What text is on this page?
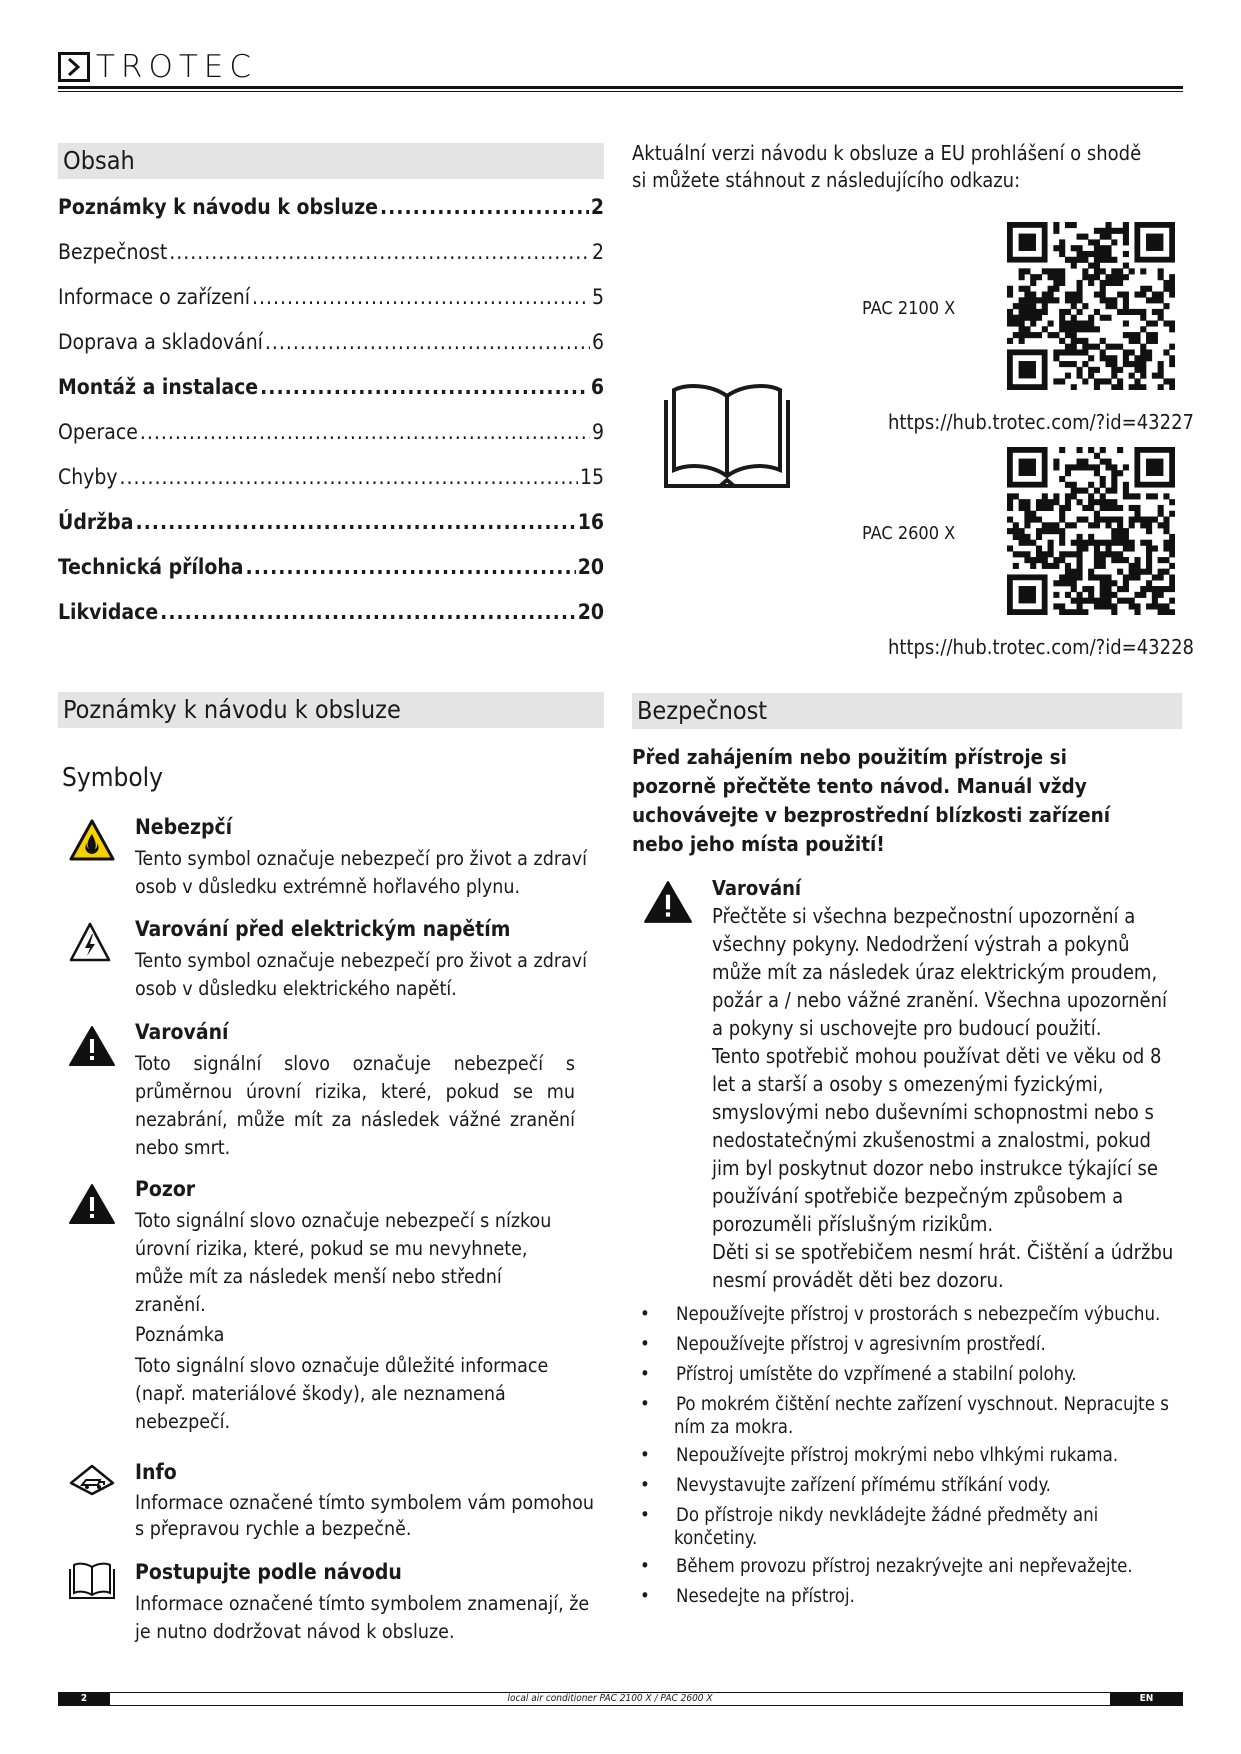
TROTEC
Obsah
Poznámky k návodu k obsluze .....	2
Bezpečnost .....	2
Informace o zařízení .....	5
Doprava a skladování .....	6
Montáž a instalace .....	6
Operace .....	9
Chyby .....	15
Údržba .....	16
Technická příloha .....	20
Likvidace .....	20
Aktuální verzi návodu k obsluze a EU prohlášení o shodě si můžete stáhnout z následujícího odkazu:
PAC 2100 X
https://hub.trotec.com/?id=43227
PAC 2600 X
https://hub.trotec.com/?id=43228
Poznámky k návodu k obsluze
Symboly
Nebezpčí
Tento symbol označuje nebezpečí pro život a zdraví osob v důsledku extrémně hořlavého plynu.
Varování před elektrickým napětím
Tento symbol označuje nebezpečí pro život a zdraví osob v důsledku elektrického napětí.
Varování
Toto signální slovo označuje nebezpečí s průměrnou úrovní rizika, které, pokud se mu nezabrání, může mít za následek vážné zranění nebo smrt.
Pozor
Toto signální slovo označuje nebezpečí s nízkou úrovní rizika, které, pokud se mu nevyhnete, může mít za následek menší nebo střední zranění.
Poznámka
Toto signální slovo označuje důležité informace (např. materiálové škody), ale neznamená nebezpečí.
Info
Informace označené tímto symbolem vám pomohou s přepravou rychle a bezpečně.
Postupujte podle návodu
Informace označené tímto symbolem znamenají, že je nutno dodržovat návod k obsluze.
Bezpečnost
Před zahájením nebo použitím přístroje si pozorně přečtěte tento návod. Manuál vždy uchovávejte v bezprostřední blízkosti zařízení nebo jeho místa použití!
Varování
Přečtěte si všechna bezpečnostní upozornění a všechny pokyny. Nedodržení výstrah a pokynů může mít za následek úraz elektrickým proudem, požár a / nebo vážné zranění. Všechna upozornění a pokyny si uschovejte pro budoucí použití.
Tento spotřebič mohou používat děti ve věku od 8 let a starší a osoby s omezenými fyzickými, smyslovými nebo duševními schopnostmi nebo s nedostatečnými zkušenostmi a znalostmi, pokud jim byl poskytnut dozor nebo instrukce týkající se používání spotřebiče bezpečným způsobem a porozuměli příslušným rizikům.
Děti si se spotřebičem nesmí hrát. Čištění a údržbu nesmí provádět děti bez dozoru.
• Nepoužívejte přístroj v prostorách s nebezpečím výbuchu.
• Nepoužívejte přístroj v agresivním prostředí.
• Přístroj umístěte do vzpřímené a stabilní polohy.
• Po mokrém čištění nechte zařízení vyschnout. Nepracujte s ním za mokra.
• Nepoužívejte přístroj mokrými nebo vlhkými rukama.
• Nevystavujte zařízení přímému stříkání vody.
• Do přístroje nikdy nevkládejte žádné předměty ani končetiny.
• Během provozu přístroj nezakrývejte ani nepřevažejte.
• Nesedejte na přístroj.
2	local air conditioner PAC 2100 X / PAC 2600 X	EN
